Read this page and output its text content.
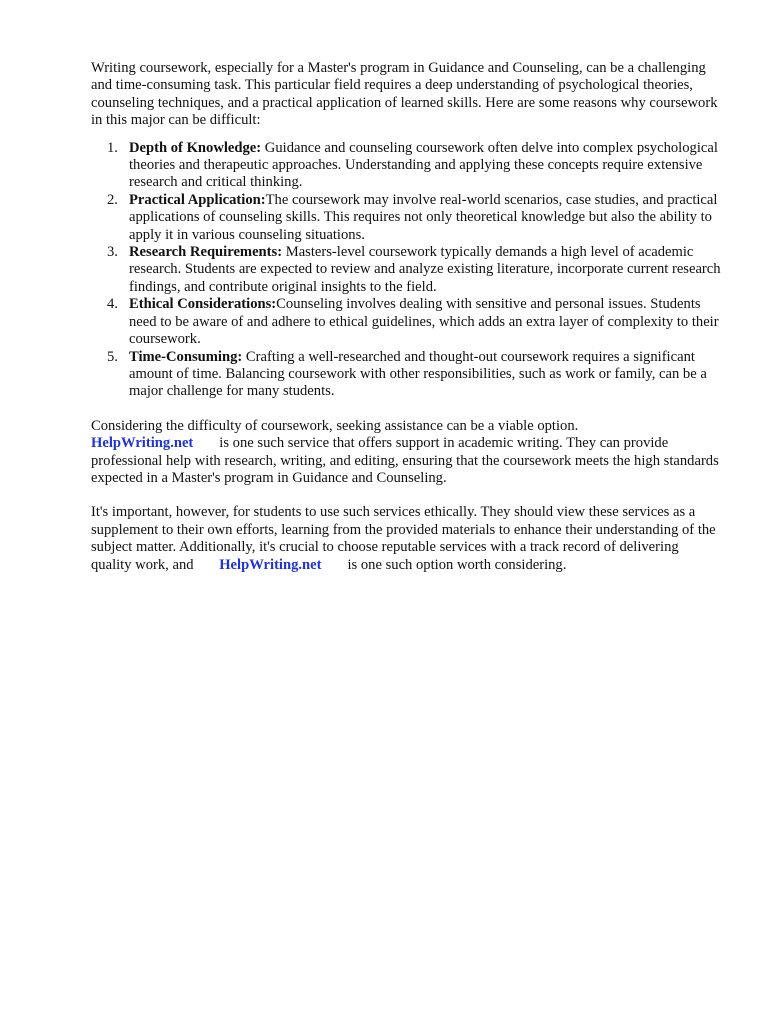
Writing coursework, especially for a Master's program in Guidance and Counseling, can be a challenging and time-consuming task. This particular field requires a deep understanding of psychological theories, counseling techniques, and a practical application of learned skills. Here are some reasons why coursework in this major can be difficult:

1. Depth of Knowledge: Guidance and counseling coursework often delve into complex psychological theories and therapeutic approaches. Understanding and applying these concepts require extensive research and critical thinking.
2. Practical Application:The coursework may involve real-world scenarios, case studies, and practical applications of counseling skills. This requires not only theoretical knowledge but also the ability to apply it in various counseling situations.
3. Research Requirements: Masters-level coursework typically demands a high level of academic research. Students are expected to review and analyze existing literature, incorporate current research findings, and contribute original insights to the field.
4. Ethical Considerations:Counseling involves dealing with sensitive and personal issues. Students need to be aware of and adhere to ethical guidelines, which adds an extra layer of complexity to their coursework.
5. Time-Consuming: Crafting a well-researched and thought-out coursework requires a significant amount of time. Balancing coursework with other responsibilities, such as work or family, can be a major challenge for many students.

Considering the difficulty of coursework, seeking assistance can be a viable option.
HelpWriting.net is one such service that offers support in academic writing. They can provide professional help with research, writing, and editing, ensuring that the coursework meets the high standards expected in a Master's program in Guidance and Counseling.

It's important, however, for students to use such services ethically. They should view these services as a supplement to their own efforts, learning from the provided materials to enhance their understanding of the subject matter. Additionally, it's crucial to choose reputable services with a track record of delivering quality work, and HelpWriting.net is one such option worth considering.
